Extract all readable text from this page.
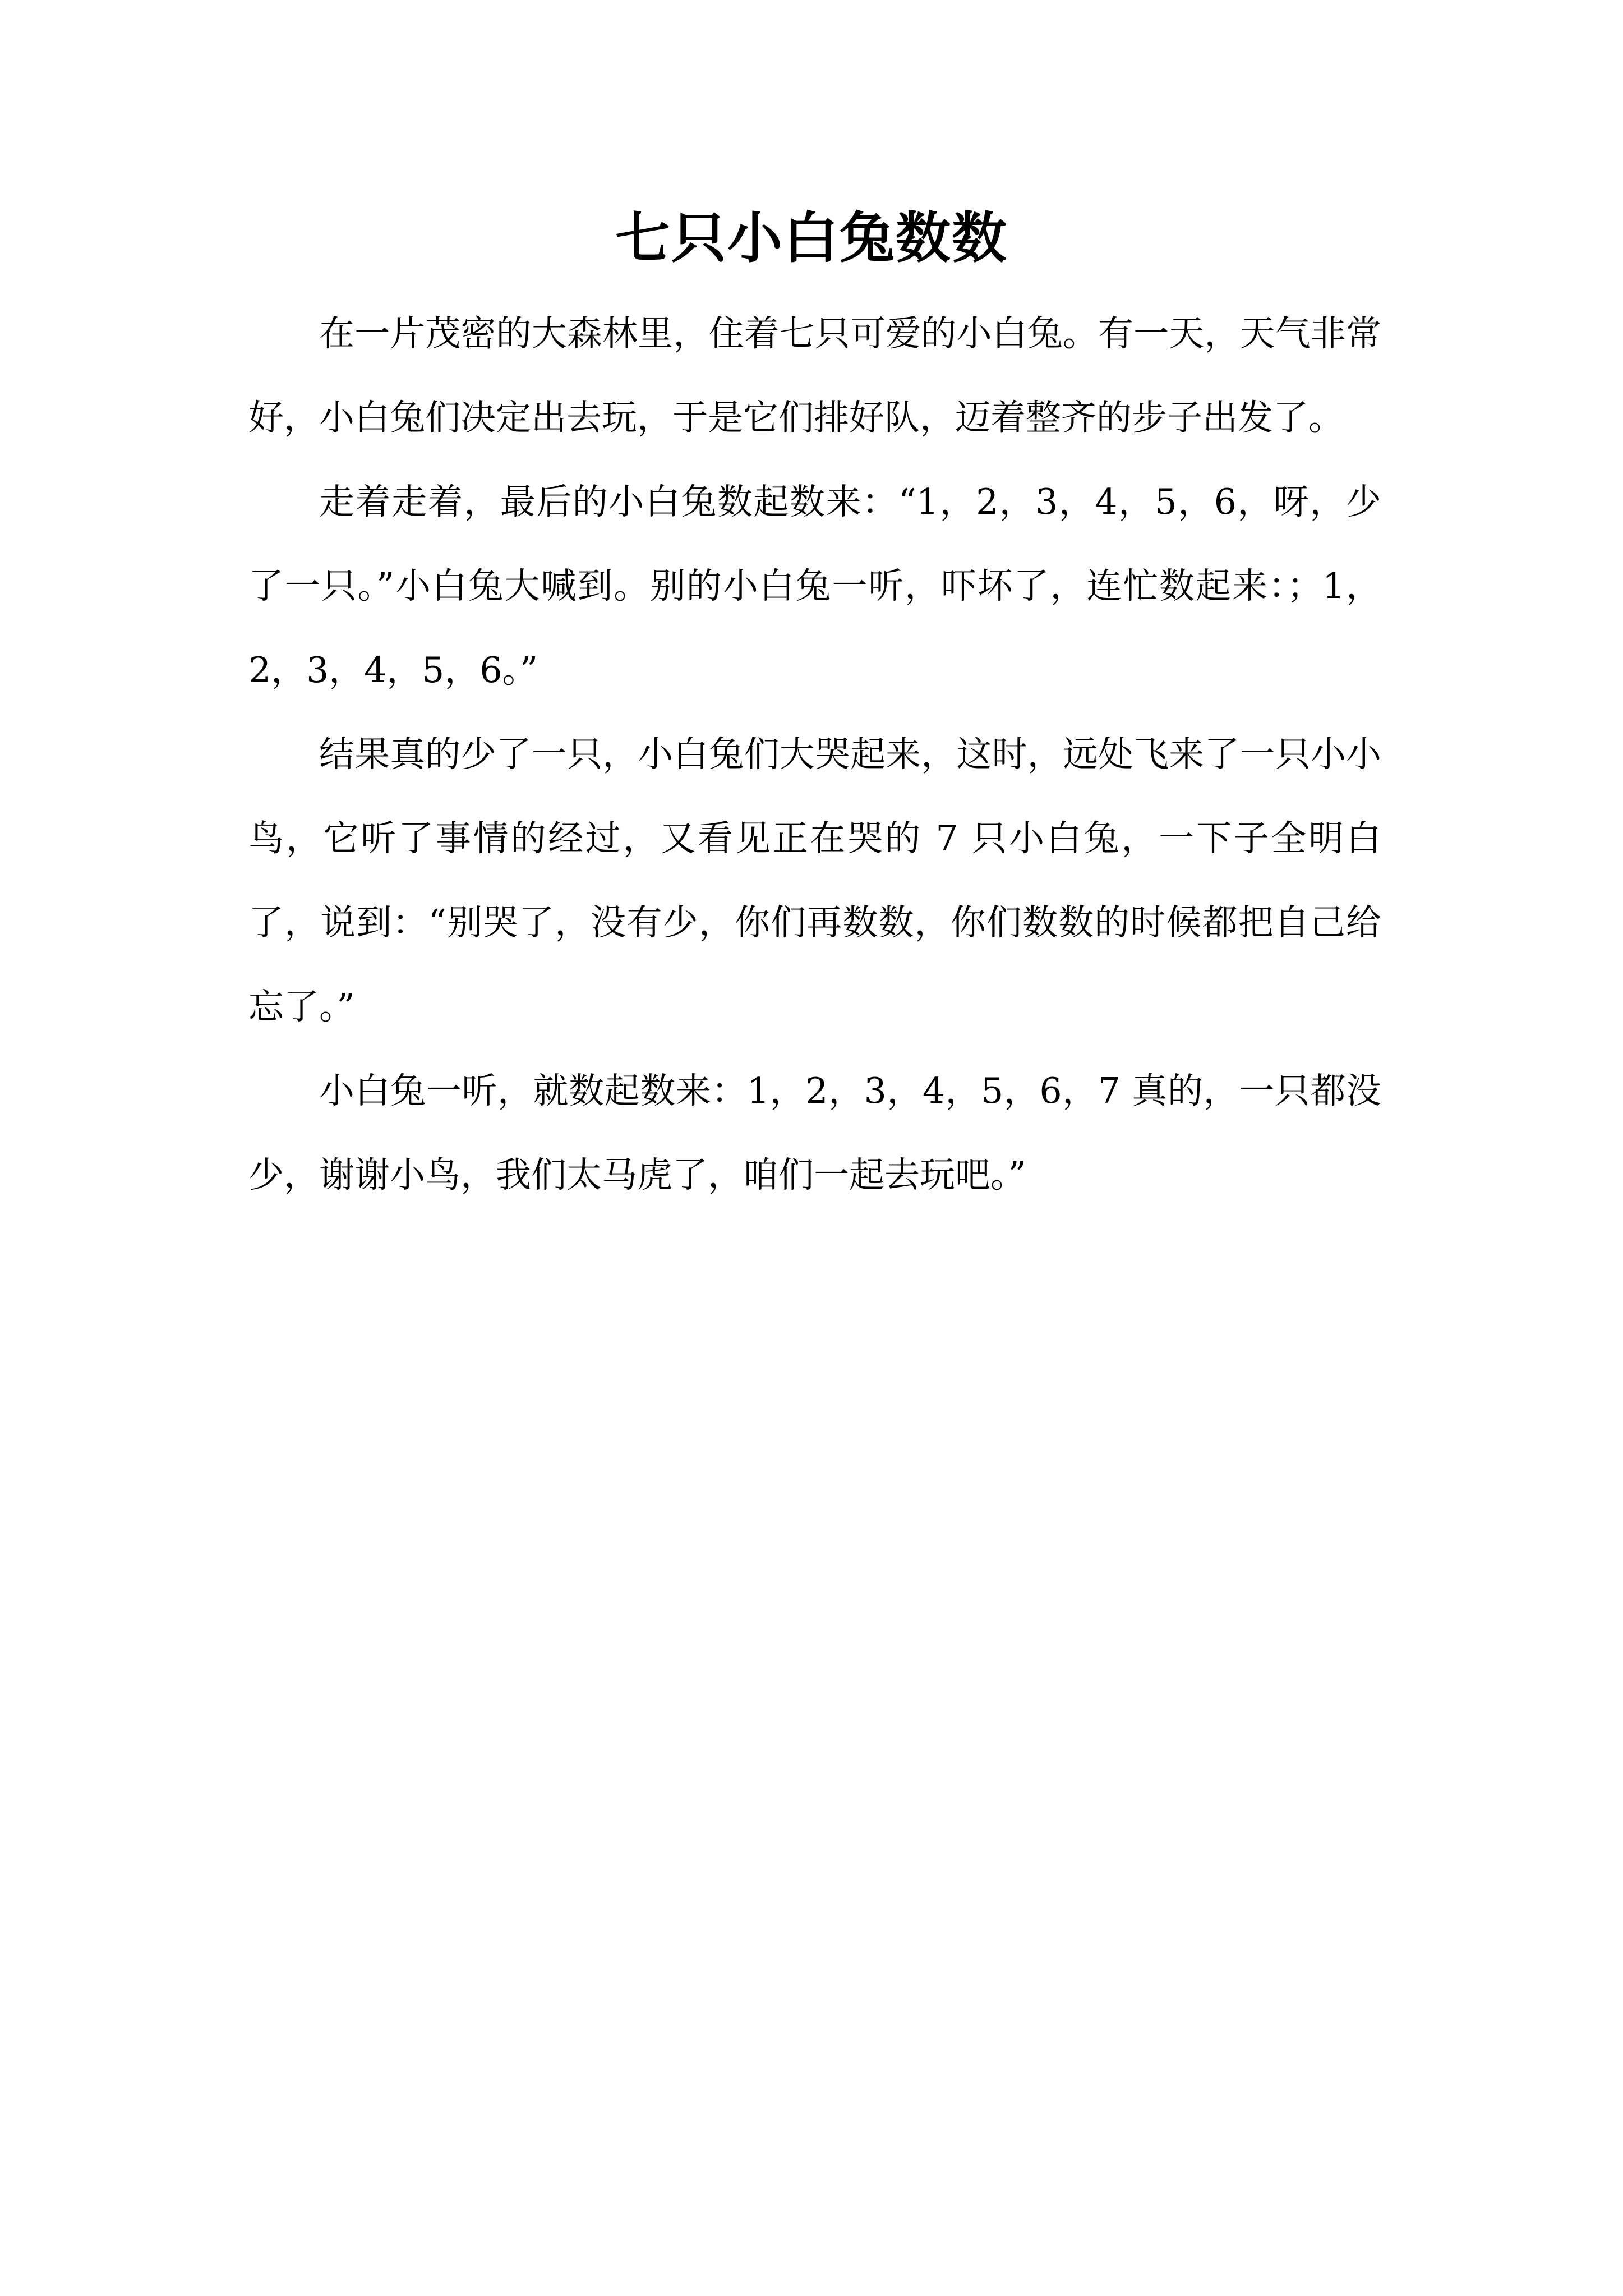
七只小白兔数数

在一片茂密的大森林里，住着七只可爱的小白兔。有一天，天气非常好，小白兔们决定出去玩，于是它们排好队，迈着整齐的步子出发了。

走着走着，最后的小白兔数起数来：“1，2，3，4，5，6，呀，少了一只。”小白兔大喊到。别的小白兔一听，吓坏了，连忙数起来：；1，2，3，4，5，6。”

结果真的少了一只，小白兔们大哭起来，这时，远处飞来了一只小小鸟，它听了事情的经过，又看见正在哭的 7 只小白兔，一下子全明白了，说到：“别哭了，没有少，你们再数数，你们数数的时候都把自己给忘了。”

小白兔一听，就数起数来：1，2，3，4，5，6，7 真的，一只都没少，谢谢小鸟，我们太马虎了，咱们一起去玩吧。”
